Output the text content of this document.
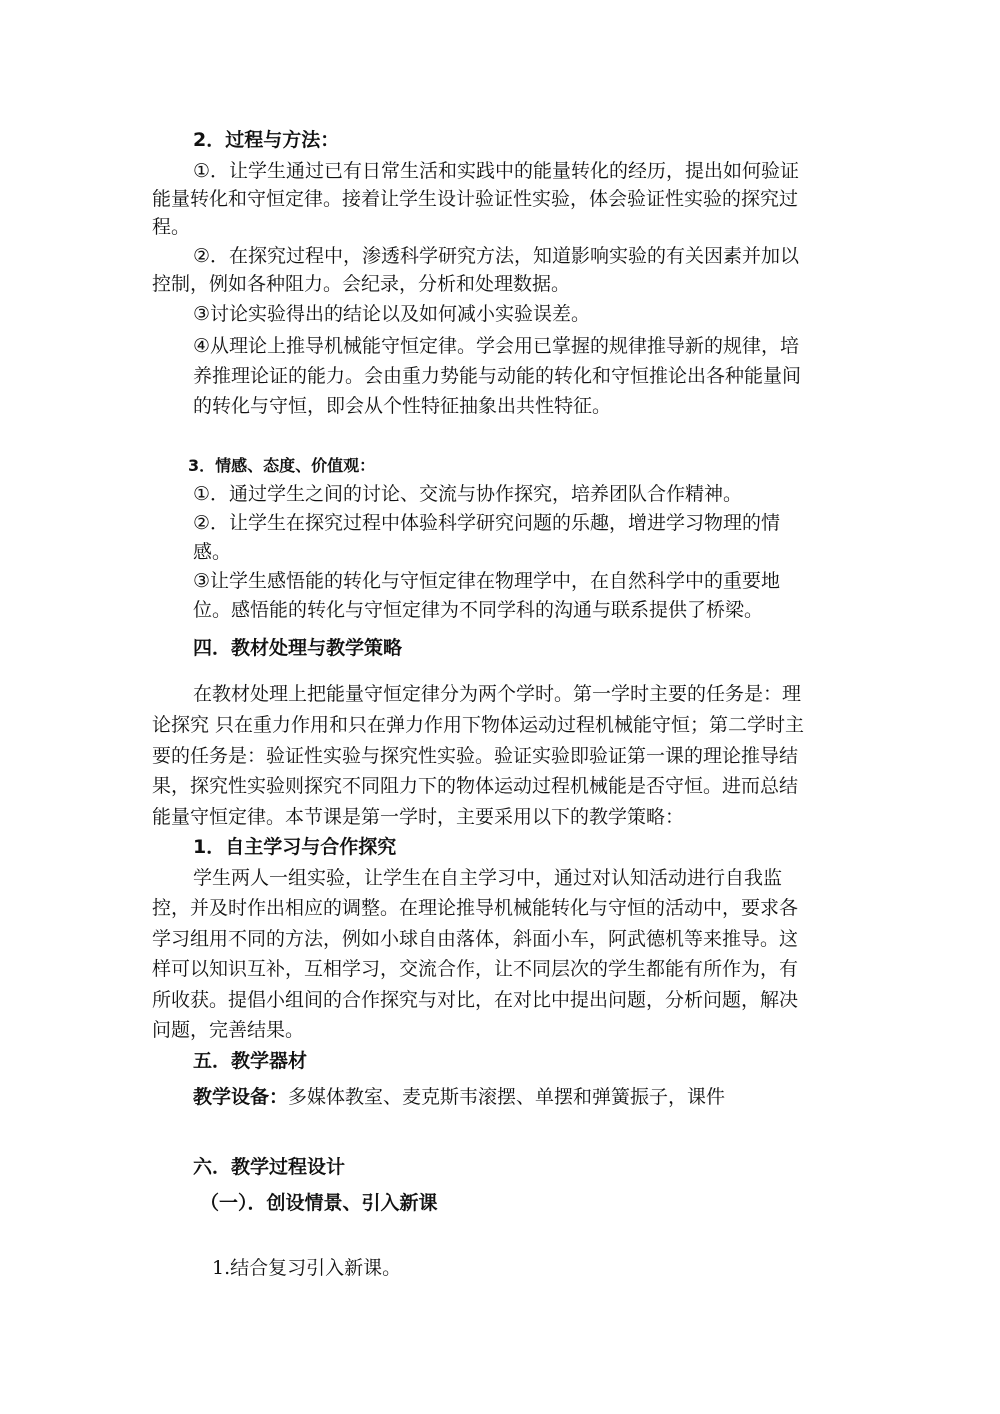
2．过程与方法：
①．让学生通过已有日常生活和实践中的能量转化的经历，提出如何验证
能量转化和守恒定律。接着让学生设计验证性实验，体会验证性实验的探究过
程。
②．在探究过程中，渗透科学研究方法，知道影响实验的有关因素并加以
控制，例如各种阻力。会纪录，分析和处理数据。
③讨论实验得出的结论以及如何减小实验误差。
④从理论上推导机械能守恒定律。学会用已掌握的规律推导新的规律，培
养推理论证的能力。会由重力势能与动能的转化和守恒推论出各种能量间
的转化与守恒，即会从个性特征抽象出共性特征。
3．情感、态度、价值观：
①．通过学生之间的讨论、交流与协作探究，培养团队合作精神。
②．让学生在探究过程中体验科学研究问题的乐趣，增进学习物理的情
感。
③让学生感悟能的转化与守恒定律在物理学中，在自然科学中的重要地
位。感悟能的转化与守恒定律为不同学科的沟通与联系提供了桥梁。
四．教材处理与教学策略
在教材处理上把能量守恒定律分为两个学时。第一学时主要的任务是：理
论探究 只在重力作用和只在弹力作用下物体运动过程机械能守恒；第二学时主
要的任务是：验证性实验与探究性实验。验证实验即验证第一课的理论推导结
果，探究性实验则探究不同阻力下的物体运动过程机械能是否守恒。进而总结
能量守恒定律。本节课是第一学时，主要采用以下的教学策略：
1．自主学习与合作探究
学生两人一组实验，让学生在自主学习中，通过对认知活动进行自我监
控，并及时作出相应的调整。在理论推导机械能转化与守恒的活动中，要求各
学习组用不同的方法，例如小球自由落体，斜面小车，阿武德机等来推导。这
样可以知识互补，互相学习，交流合作，让不同层次的学生都能有所作为，有
所收获。提倡小组间的合作探究与对比，在对比中提出问题，分析问题，解决
问题，完善结果。
五．教学器材
教学设备：多媒体教室、麦克斯韦滚摆、单摆和弹簧振子，课件
六．教学过程设计
（一）．创设情景、引入新课
1.结合复习引入新课。
